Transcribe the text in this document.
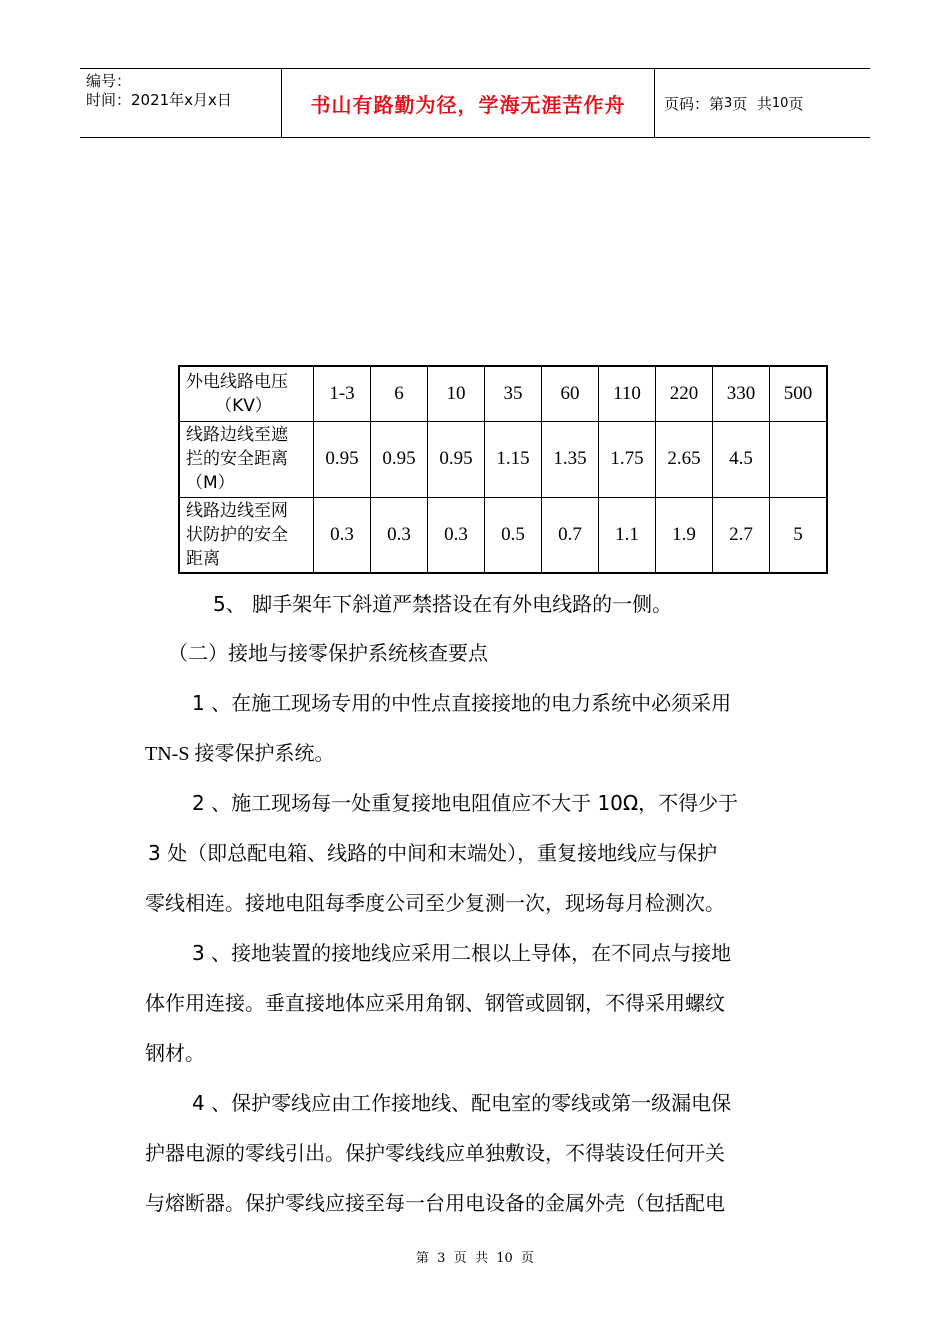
编号：
时间：2021年x月x日	书山有路勤为径，学海无涯苦作舟	页码：第 3 页  共 10 页
外电线路电压
（KV）	1-3	6	10	35	60	110	220	330	500

线路边线至遮
拦的安全距离
（M）	0.95	0.95	0.95	1.15	1.35	1.75	2.65	4.5	

线路边线至网
状防护的安全
距离	0.3	0.3	0.3	0.5	0.7	1.1	1.9	2.7	5
5、 脚手架年下斜道严禁搭设在有外电线路的一侧。
（二）接地与接零保护系统核查要点
1 、在施工现场专用的中性点直接接地的电力系统中必须采用
TN-S 接零保护系统。
2 、施工现场每一处重复接地电阻值应不大于 10Ω，不得少于
3 处（即总配电箱、线路的中间和末端处），重复接地线应与保护
零线相连。接地电阻每季度公司至少复测一次，现场每月检测次。
3 、接地装置的接地线应采用二根以上导体，在不同点与接地
体作用连接。垂直接地体应采用角钢、钢管或圆钢，不得采用螺纹
钢材。
4 、保护零线应由工作接地线、配电室的零线或第一级漏电保
护器电源的零线引出。保护零线线应单独敷设，不得装设任何开关
与熔断器。保护零线应接至每一台用电设备的金属外壳（包括配电
第  3  页  共  10  页
